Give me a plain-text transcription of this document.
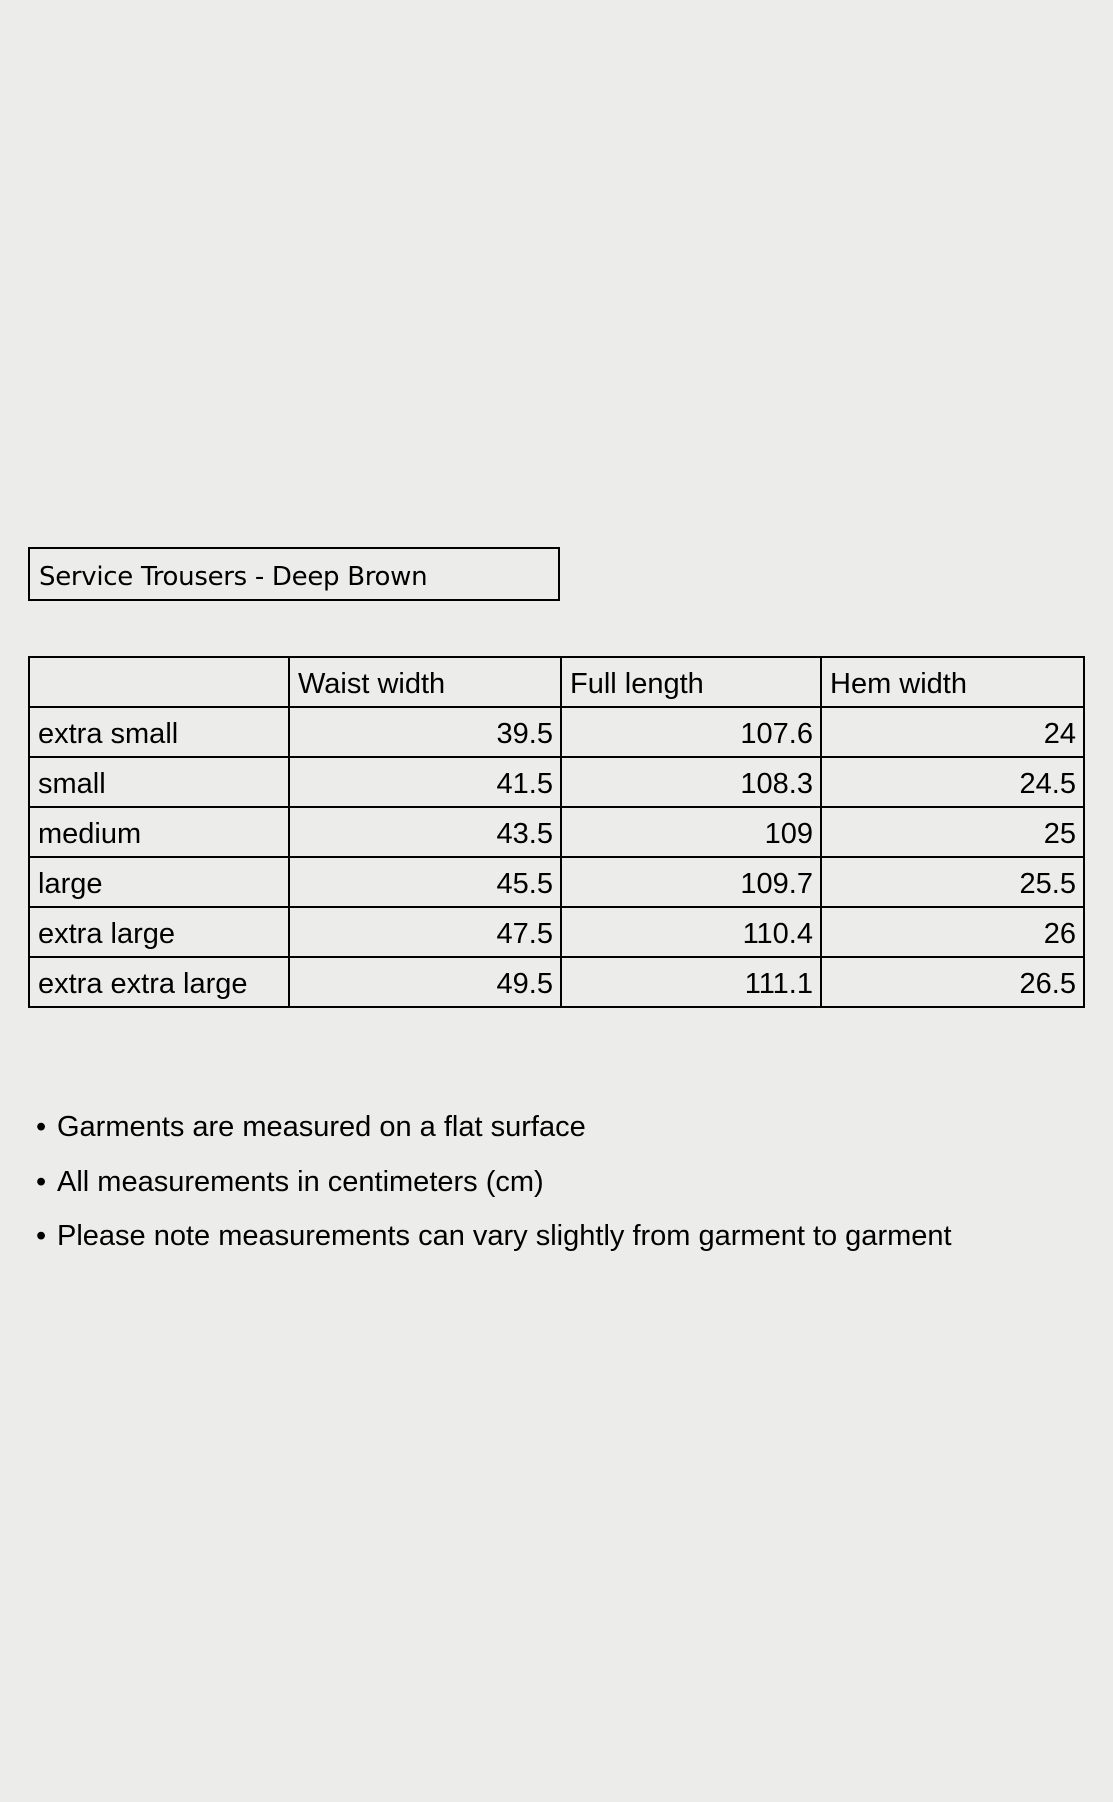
Service Trousers - Deep Brown
	Waist width	Full length	Hem width
extra small	39.5	107.6	24
small	41.5	108.3	24.5
medium	43.5	109	25
large	45.5	109.7	25.5
extra large	47.5	110.4	26
extra extra large	49.5	111.1	26.5
• Garments are measured on a flat surface
• All measurements in centimeters (cm)
• Please note measurements can vary slightly from garment to garment
